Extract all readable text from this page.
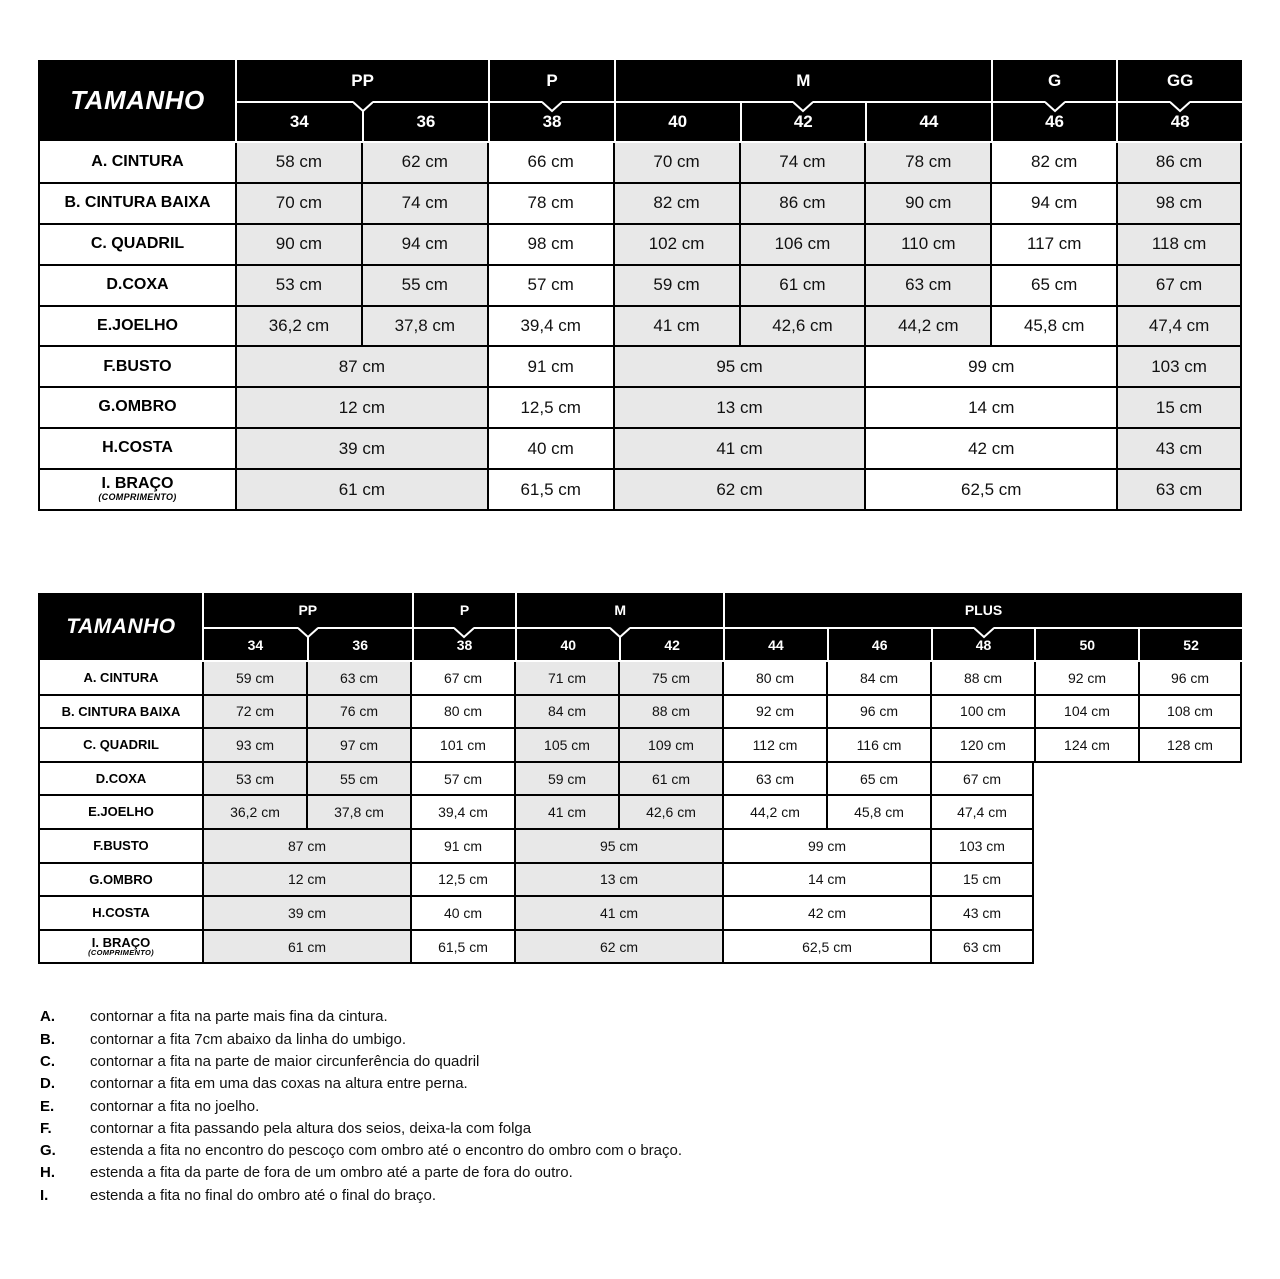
TAMANHO
PP
34	36
P
38
M
40	42	44
G
46
GG
48
A. CINTURA	58 cm	62 cm	66 cm	70 cm	74 cm	78 cm	82 cm	86 cm
B. CINTURA BAIXA	70 cm	74 cm	78 cm	82 cm	86 cm	90 cm	94 cm	98 cm
C. QUADRIL	90 cm	94 cm	98 cm	102 cm	106 cm	110 cm	117 cm	118 cm
D.COXA	53 cm	55 cm	57 cm	59 cm	61 cm	63 cm	65 cm	67 cm
E.JOELHO	36,2 cm	37,8 cm	39,4 cm	41 cm	42,6 cm	44,2 cm	45,8 cm	47,4 cm
F.BUSTO	87 cm	91 cm	95 cm	99 cm	103 cm
G.OMBRO	12 cm	12,5 cm	13 cm	14 cm	15 cm
H.COSTA	39 cm	40 cm	41 cm	42 cm	43 cm
I. BRAÇO
(COMPRIMENTO)	61 cm	61,5 cm	62 cm	62,5 cm	63 cm
TAMANHO
PP
34	36
P
38
M
40	42
PLUS
44	46	48	50	52
A. CINTURA	59 cm	63 cm	67 cm	71 cm	75 cm	80 cm	84 cm	88 cm	92 cm	96 cm
B. CINTURA BAIXA	72 cm	76 cm	80 cm	84 cm	88 cm	92 cm	96 cm	100 cm	104 cm	108 cm
C. QUADRIL	93 cm	97 cm	101 cm	105 cm	109 cm	112 cm	116 cm	120 cm	124 cm	128 cm
D.COXA	53 cm	55 cm	57 cm	59 cm	61 cm	63 cm	65 cm	67 cm
E.JOELHO	36,2 cm	37,8 cm	39,4 cm	41 cm	42,6 cm	44,2 cm	45,8 cm	47,4 cm
F.BUSTO	87 cm	91 cm	95 cm	99 cm	103 cm
G.OMBRO	12 cm	12,5 cm	13 cm	14 cm	15 cm
H.COSTA	39 cm	40 cm	41 cm	42 cm	43 cm
I. BRAÇO
(COMPRIMENTO)	61 cm	61,5 cm	62 cm	62,5 cm	63 cm
A.	contornar a fita na parte mais fina da cintura.
B.	contornar a fita 7cm abaixo da linha do umbigo.
C.	contornar a fita na parte de maior circunferência do quadril
D.	contornar a fita em uma das coxas na altura entre perna.
E.	contornar a fita no joelho.
F.	contornar a fita passando pela altura dos seios, deixa-la com folga
G.	estenda a fita no encontro do pescoço com ombro até o encontro do ombro com o braço.
H.	estenda a fita da parte de fora de um ombro até a parte de fora do outro.
I.	estenda a fita no final do ombro até o final do braço.
